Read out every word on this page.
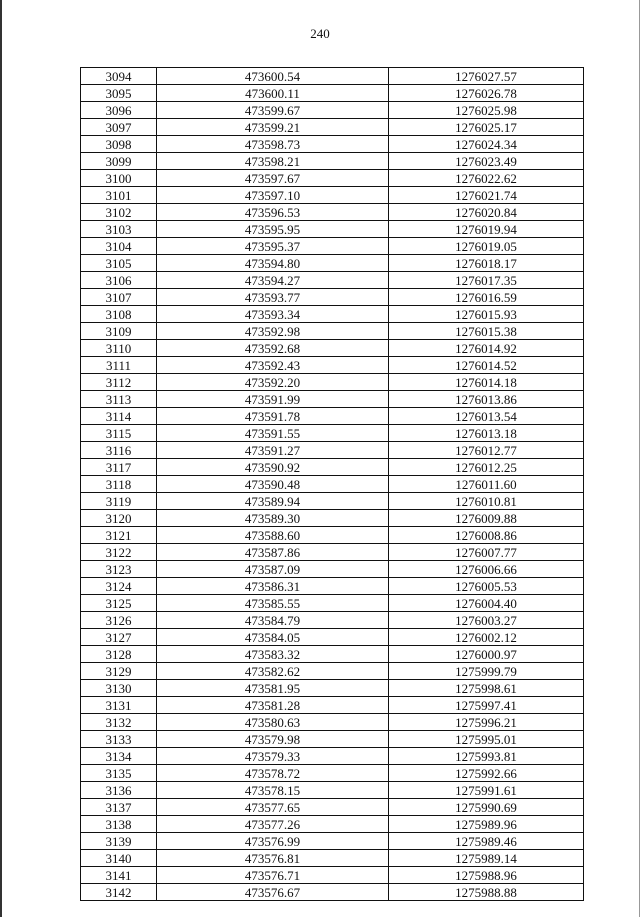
240
3094	473600.54	1276027.57
3095	473600.11	1276026.78
3096	473599.67	1276025.98
3097	473599.21	1276025.17
3098	473598.73	1276024.34
3099	473598.21	1276023.49
3100	473597.67	1276022.62
3101	473597.10	1276021.74
3102	473596.53	1276020.84
3103	473595.95	1276019.94
3104	473595.37	1276019.05
3105	473594.80	1276018.17
3106	473594.27	1276017.35
3107	473593.77	1276016.59
3108	473593.34	1276015.93
3109	473592.98	1276015.38
3110	473592.68	1276014.92
3111	473592.43	1276014.52
3112	473592.20	1276014.18
3113	473591.99	1276013.86
3114	473591.78	1276013.54
3115	473591.55	1276013.18
3116	473591.27	1276012.77
3117	473590.92	1276012.25
3118	473590.48	1276011.60
3119	473589.94	1276010.81
3120	473589.30	1276009.88
3121	473588.60	1276008.86
3122	473587.86	1276007.77
3123	473587.09	1276006.66
3124	473586.31	1276005.53
3125	473585.55	1276004.40
3126	473584.79	1276003.27
3127	473584.05	1276002.12
3128	473583.32	1276000.97
3129	473582.62	1275999.79
3130	473581.95	1275998.61
3131	473581.28	1275997.41
3132	473580.63	1275996.21
3133	473579.98	1275995.01
3134	473579.33	1275993.81
3135	473578.72	1275992.66
3136	473578.15	1275991.61
3137	473577.65	1275990.69
3138	473577.26	1275989.96
3139	473576.99	1275989.46
3140	473576.81	1275989.14
3141	473576.71	1275988.96
3142	473576.67	1275988.88
